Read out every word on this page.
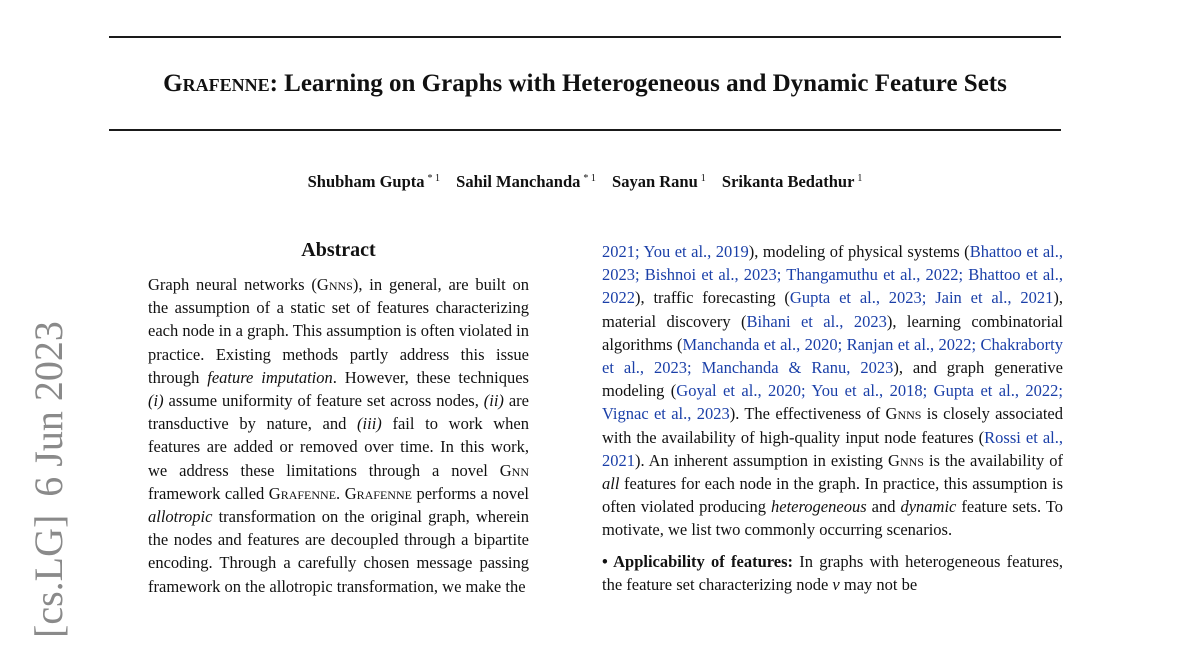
Grafenne: Learning on Graphs with Heterogeneous and Dynamic Feature Sets
Shubham Gupta $^{* 1}$ Sahil Manchanda $^{* 1}$ Sayan Ranu $^1$ Srikanta Bedathur $^1$
[cs.LG]6 Jun 2023
Abstract

Graph neural networks (Gnns), in general, are built on the assumption of a static set of features characterizing each node in a graph. This assumption is often violated in practice. Existing methods partly address this issue through feature imputation. However, these techniques (i) assume uniformity of feature set across nodes, (ii) are transductive by nature, and (iii) fail to work when features are added or removed over time. In this work, we address these limitations through a novel Gnn framework called Grafenne. Grafenne performs a novel allotropic transformation on the original graph, wherein the nodes and features are decoupled through a bipartite encoding. Through a carefully chosen message passing framework on the allotropic transformation, we make the

2021; You et al., 2019), modeling of physical systems (Bhattoo et al., 2023; Bishnoi et al., 2023; Thangamuthu et al., 2022; Bhattoo et al., 2022), traffic forecasting (Gupta et al., 2023; Jain et al., 2021), material discovery (Bihani et al., 2023), learning combinatorial algorithms (Manchanda et al., 2020; Ranjan et al., 2022; Chakraborty et al., 2023; Manchanda & Ranu, 2023), and graph generative modeling (Goyal et al., 2020; You et al., 2018; Gupta et al., 2022; Vignac et al., 2023). The effectiveness of Gnns is closely associated with the availability of high-quality input node features (Rossi et al., 2021). An inherent assumption in existing Gnns is the availability of all features for each node in the graph. In practice, this assumption is often violated producing heterogeneous and dynamic feature sets. To motivate, we list two commonly occurring scenarios.

• Applicability of features: In graphs with heterogeneous features, the feature set characterizing node v may not be
